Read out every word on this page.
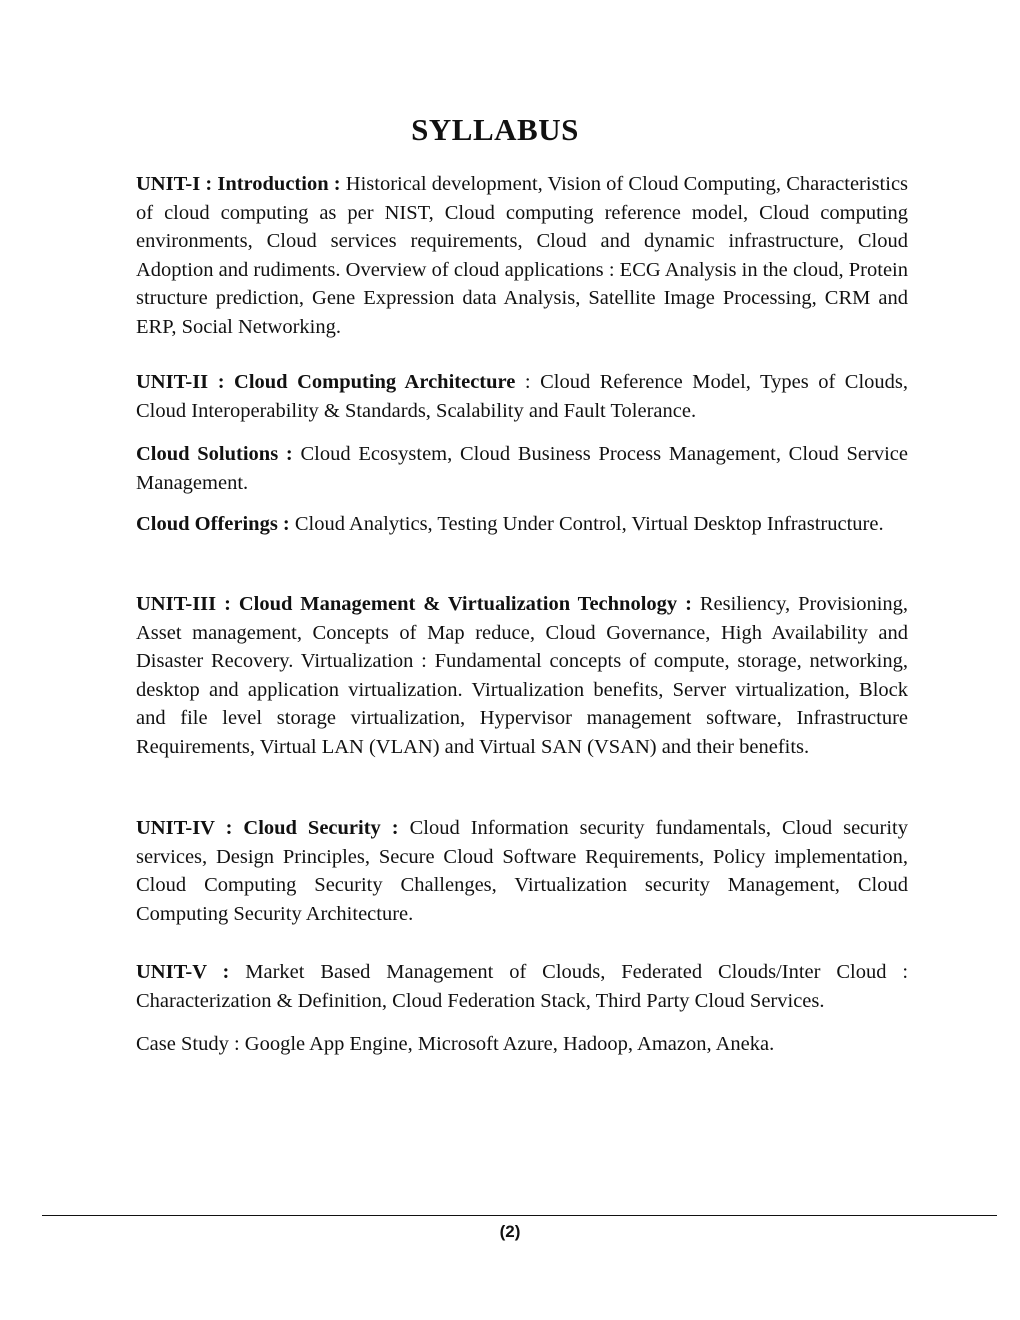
SYLLABUS
UNIT-I : Introduction : Historical development, Vision of Cloud Computing, Characteristics of cloud computing as per NIST, Cloud computing reference model, Cloud computing environments, Cloud services requirements, Cloud and dynamic infrastructure, Cloud Adoption and rudiments. Overview of cloud applications : ECG Analysis in the cloud, Protein structure prediction, Gene Expression data Analysis, Satellite Image Processing, CRM and ERP, Social Networking.
UNIT-II : Cloud Computing Architecture : Cloud Reference Model, Types of Clouds, Cloud Interoperability & Standards, Scalability and Fault Tolerance.
Cloud Solutions : Cloud Ecosystem, Cloud Business Process Management, Cloud Service Management.
Cloud Offerings : Cloud Analytics, Testing Under Control, Virtual Desktop Infrastructure.
UNIT-III : Cloud Management & Virtualization Technology : Resiliency, Provisioning, Asset management, Concepts of Map reduce, Cloud Governance, High Availability and Disaster Recovery. Virtualization : Fundamental concepts of compute, storage, networking, desktop and application virtualization. Virtualization benefits, Server virtualization, Block and file level storage virtualization, Hypervisor management software, Infrastructure Requirements, Virtual LAN (VLAN) and Virtual SAN (VSAN) and their benefits.
UNIT-IV : Cloud Security : Cloud Information security fundamentals, Cloud security services, Design Principles, Secure Cloud Software Requirements, Policy implementation, Cloud Computing Security Challenges, Virtualization security Management, Cloud Computing Security Architecture.
UNIT-V : Market Based Management of Clouds, Federated Clouds/Inter Cloud : Characterization & Definition, Cloud Federation Stack, Third Party Cloud Services.
Case Study : Google App Engine, Microsoft Azure, Hadoop, Amazon, Aneka.
(2)
